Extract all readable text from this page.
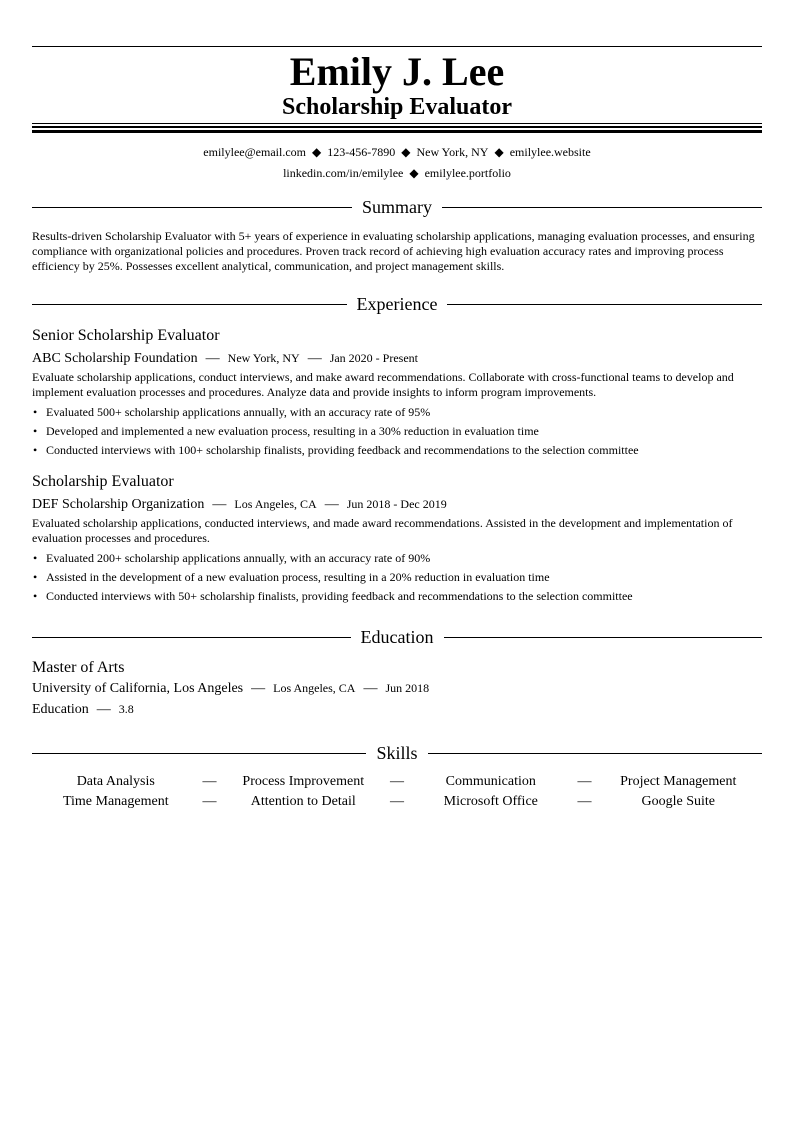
Emily J. Lee
Scholarship Evaluator
emilylee@email.com ◆ 123-456-7890 ◆ New York, NY ◆ emilylee.website
linkedin.com/in/emilylee ◆ emilylee.portfolio
Summary
Results-driven Scholarship Evaluator with 5+ years of experience in evaluating scholarship applications, managing evaluation processes, and ensuring compliance with organizational policies and procedures. Proven track record of achieving high evaluation accuracy rates and improving process efficiency by 25%. Possesses excellent analytical, communication, and project management skills.
Experience
Senior Scholarship Evaluator
ABC Scholarship Foundation — New York, NY — Jan 2020 - Present
Evaluate scholarship applications, conduct interviews, and make award recommendations. Collaborate with cross-functional teams to develop and implement evaluation processes and procedures. Analyze data and provide insights to inform program improvements.
• Evaluated 500+ scholarship applications annually, with an accuracy rate of 95%
• Developed and implemented a new evaluation process, resulting in a 30% reduction in evaluation time
• Conducted interviews with 100+ scholarship finalists, providing feedback and recommendations to the selection committee
Scholarship Evaluator
DEF Scholarship Organization — Los Angeles, CA — Jun 2018 - Dec 2019
Evaluated scholarship applications, conducted interviews, and made award recommendations. Assisted in the development and implementation of evaluation processes and procedures.
• Evaluated 200+ scholarship applications annually, with an accuracy rate of 90%
• Assisted in the development of a new evaluation process, resulting in a 20% reduction in evaluation time
• Conducted interviews with 50+ scholarship finalists, providing feedback and recommendations to the selection committee
Education
Master of Arts
University of California, Los Angeles — Los Angeles, CA — Jun 2018
Education — 3.8
Skills
Data Analysis	—	Process Improvement	—	Communication	—	Project Management
Time Management	—	Attention to Detail	—	Microsoft Office	—	Google Suite
